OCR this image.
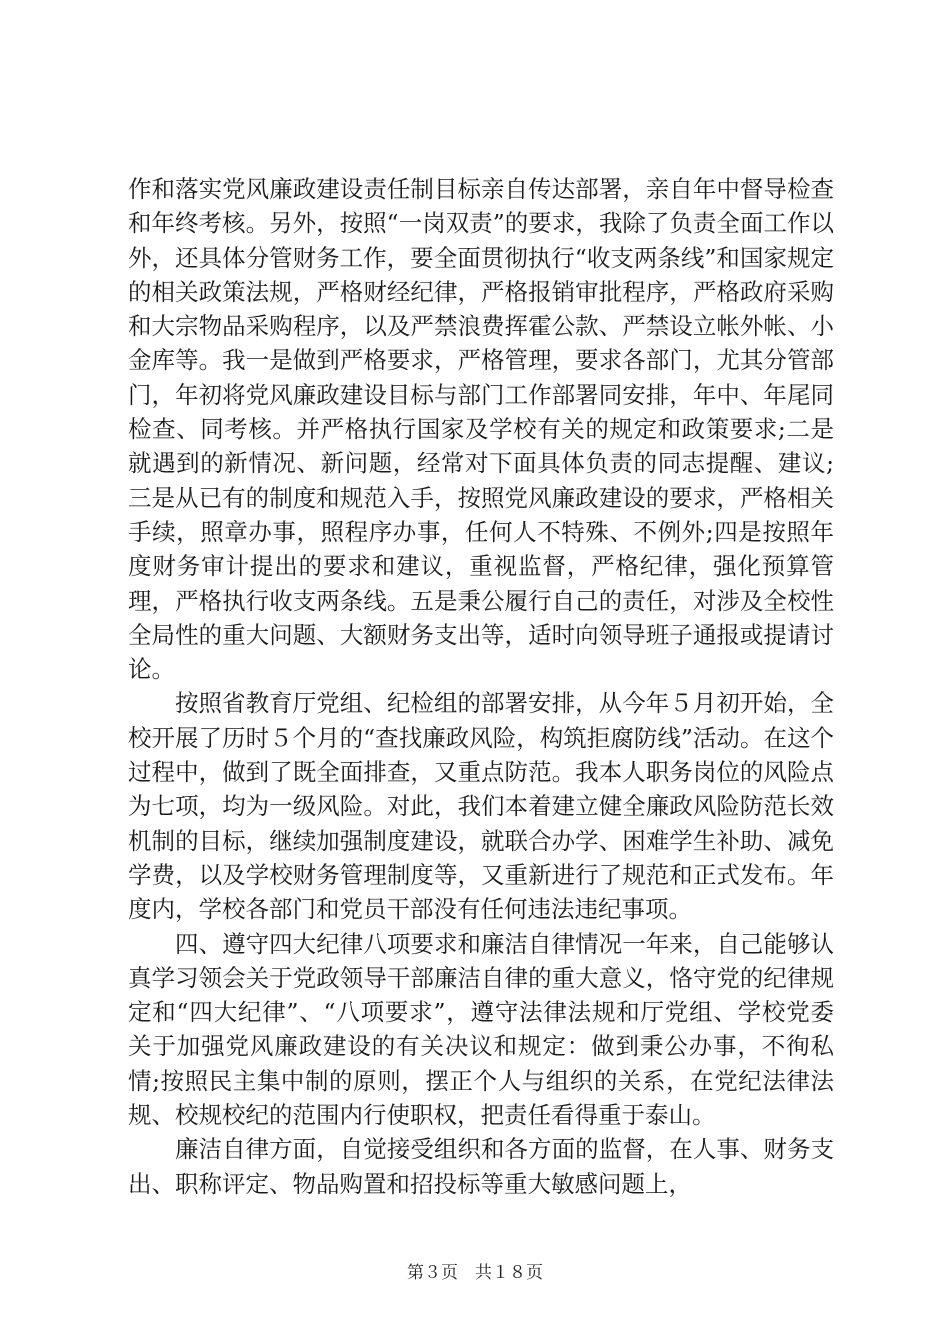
作和落实党风廉政建设责任制目标亲自传达部署，亲自年中督导检查和年终考核。另外，按照“一岗双责”的要求，我除了负责全面工作以外，还具体分管财务工作，要全面贯彻执行“收支两条线”和国家规定的相关政策法规，严格财经纪律，严格报销审批程序，严格政府采购和大宗物品采购程序，以及严禁浪费挥霍公款、严禁设立帐外帐、小金库等。我一是做到严格要求，严格管理，要求各部门，尤其分管部门，年初将党风廉政建设目标与部门工作部署同安排，年中、年尾同检查、同考核。并严格执行国家及学校有关的规定和政策要求;二是就遇到的新情况、新问题，经常对下面具体负责的同志提醒、建议;三是从已有的制度和规范入手，按照党风廉政建设的要求，严格相关手续，照章办事，照程序办事，任何人不特殊、不例外;四是按照年度财务审计提出的要求和建议，重视监督，严格纪律，强化预算管理，严格执行收支两条线。五是秉公履行自己的责任，对涉及全校性全局性的重大问题、大额财务支出等，适时向领导班子通报或提请讨论。

按照省教育厅党组、纪检组的部署安排，从今年５月初开始，全校开展了历时５个月的“查找廉政风险，构筑拒腐防线”活动。在这个过程中，做到了既全面排查，又重点防范。我本人职务岗位的风险点为七项，均为一级风险。对此，我们本着建立健全廉政风险防范长效机制的目标，继续加强制度建设，就联合办学、困难学生补助、减免学费，以及学校财务管理制度等，又重新进行了规范和正式发布。年度内，学校各部门和党员干部没有任何违法违纪事项。

四、遵守四大纪律八项要求和廉洁自律情况一年来，自己能够认真学习领会关于党政领导干部廉洁自律的重大意义，恪守党的纪律规定和“四大纪律”、“八项要求”，遵守法律法规和厅党组、学校党委关于加强党风廉政建设的有关决议和规定：做到秉公办事，不徇私情;按照民主集中制的原则，摆正个人与组织的关系，在党纪法律法规、校规校纪的范围内行使职权，把责任看得重于泰山。

廉洁自律方面，自觉接受组织和各方面的监督，在人事、财务支出、职称评定、物品购置和招投标等重大敏感问题上，

第３页　共１８页
